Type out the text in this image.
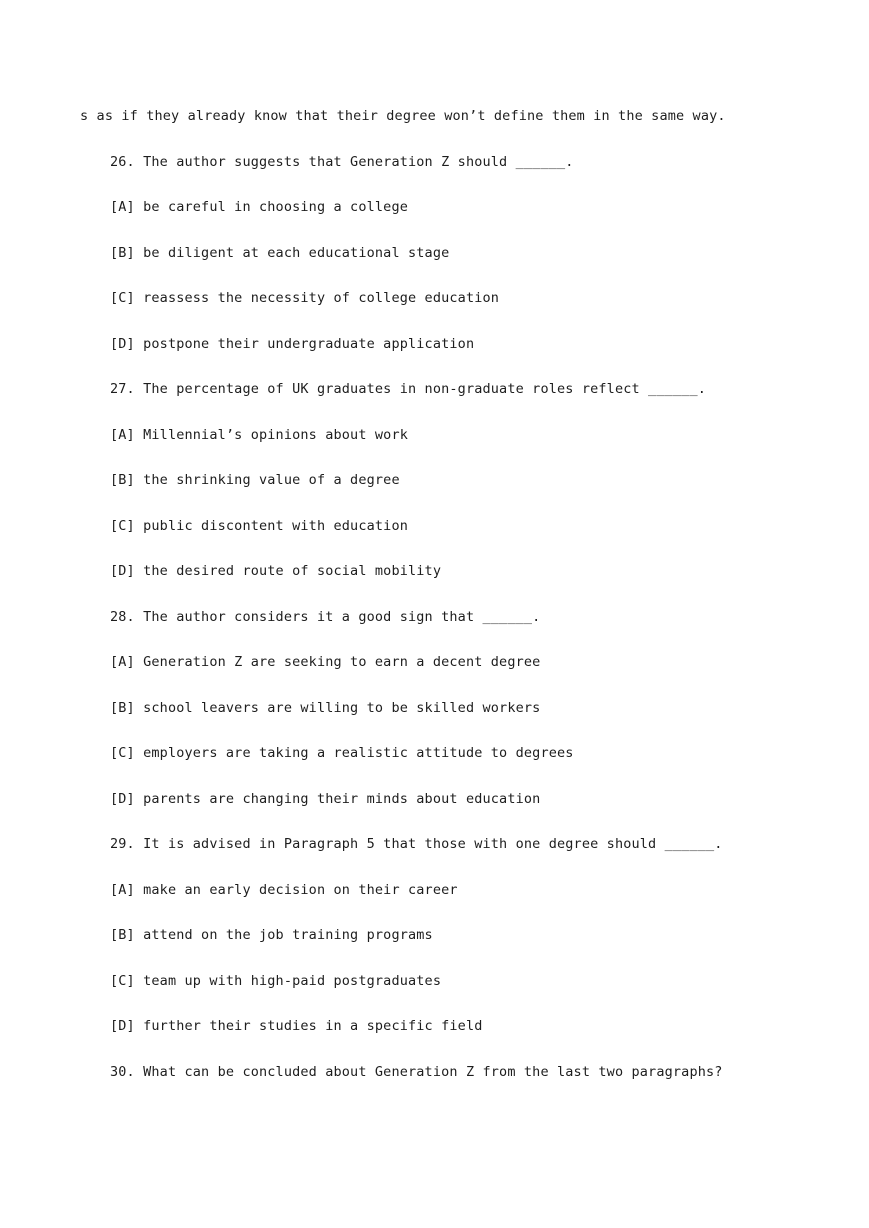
s as if they already know that their degree won’t define them in the same way.
26. The author suggests that Generation Z should ______.
[A] be careful in choosing a college
[B] be diligent at each educational stage
[C] reassess the necessity of college education
[D] postpone their undergraduate application
27. The percentage of UK graduates in non-graduate roles reflect ______.
[A] Millennial’s opinions about work
[B] the shrinking value of a degree
[C] public discontent with education
[D] the desired route of social mobility
28. The author considers it a good sign that ______.
[A] Generation Z are seeking to earn a decent degree
[B] school leavers are willing to be skilled workers
[C] employers are taking a realistic attitude to degrees
[D] parents are changing their minds about education
29. It is advised in Paragraph 5 that those with one degree should ______.
[A] make an early decision on their career
[B] attend on the job training programs
[C] team up with high-paid postgraduates
[D] further their studies in a specific field
30. What can be concluded about Generation Z from the last two paragraphs?
